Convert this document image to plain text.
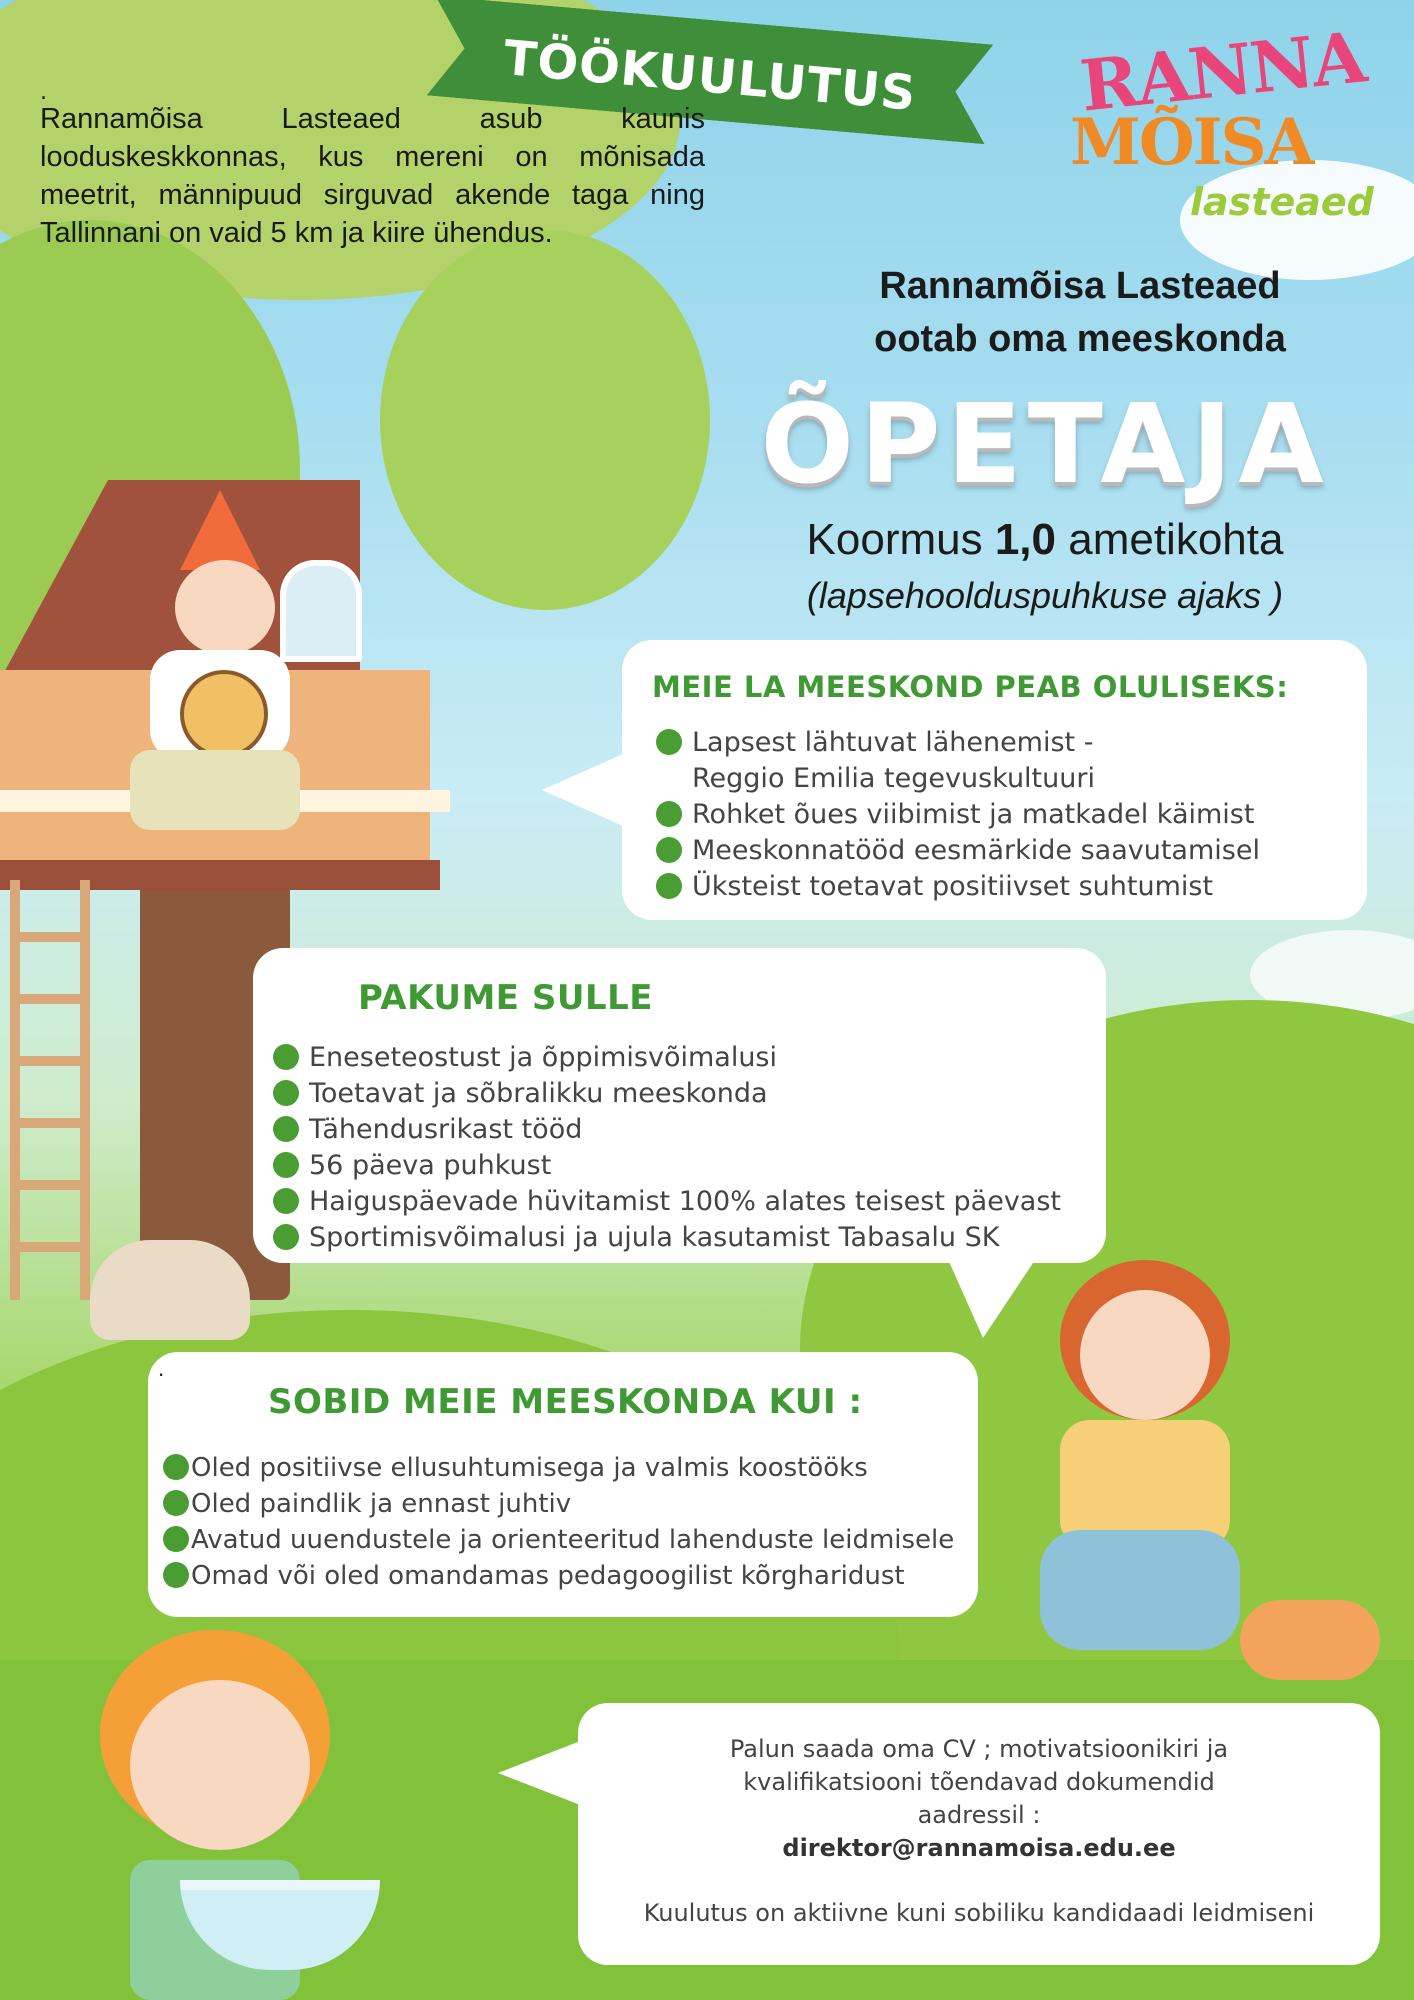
TÖÖKUULUTUS	RANNA
MÕISA
lasteaed
.
Rannamõisa Lasteaed asub kaunis looduskeskkonnas, kus mereni on mõnisada meetrit, männipuud sirguvad akende taga ning Tallinnani on vaid 5 km ja kiire ühendus.
Rannamõisa Lasteaed
ootab oma meeskonda
ÕPETAJA
Koormus 1,0 ametikohta
(lapsehoolduspuhkuse ajaks )
MEIE LA MEESKOND PEAB OLULISEKS:
Lapsest lähtuvat lähenemist -
Reggio Emilia tegevuskultuuri
Rohket õues viibimist ja matkadel käimist
Meeskonnatööd eesmärkide saavutamisel
Üksteist toetavat positiivset suhtumist
PAKUME SULLE
Eneseteostust ja õppimisvõimalusi
Toetavat ja sõbralikku meeskonda
Tähendusrikast tööd
56 päeva puhkust
Haiguspäevade hüvitamist 100% alates teisest päevast
Sportimisvõimalusi ja ujula kasutamist Tabasalu SK
.
SOBID MEIE MEESKONDA KUI :
Oled positiivse ellusuhtumisega ja valmis koostööks
Oled paindlik ja ennast juhtiv
Avatud uuendustele ja orienteeritud lahenduste leidmisele
Omad või oled omandamas pedagoogilist kõrgharidust
Palun saada oma CV ; motivatsioonikiri ja
kvalifikatsiooni tõendavad dokumendid
aadressil :
direktor@rannamoisa.edu.ee
Kuulutus on aktiivne kuni sobiliku kandidaadi leidmiseni
